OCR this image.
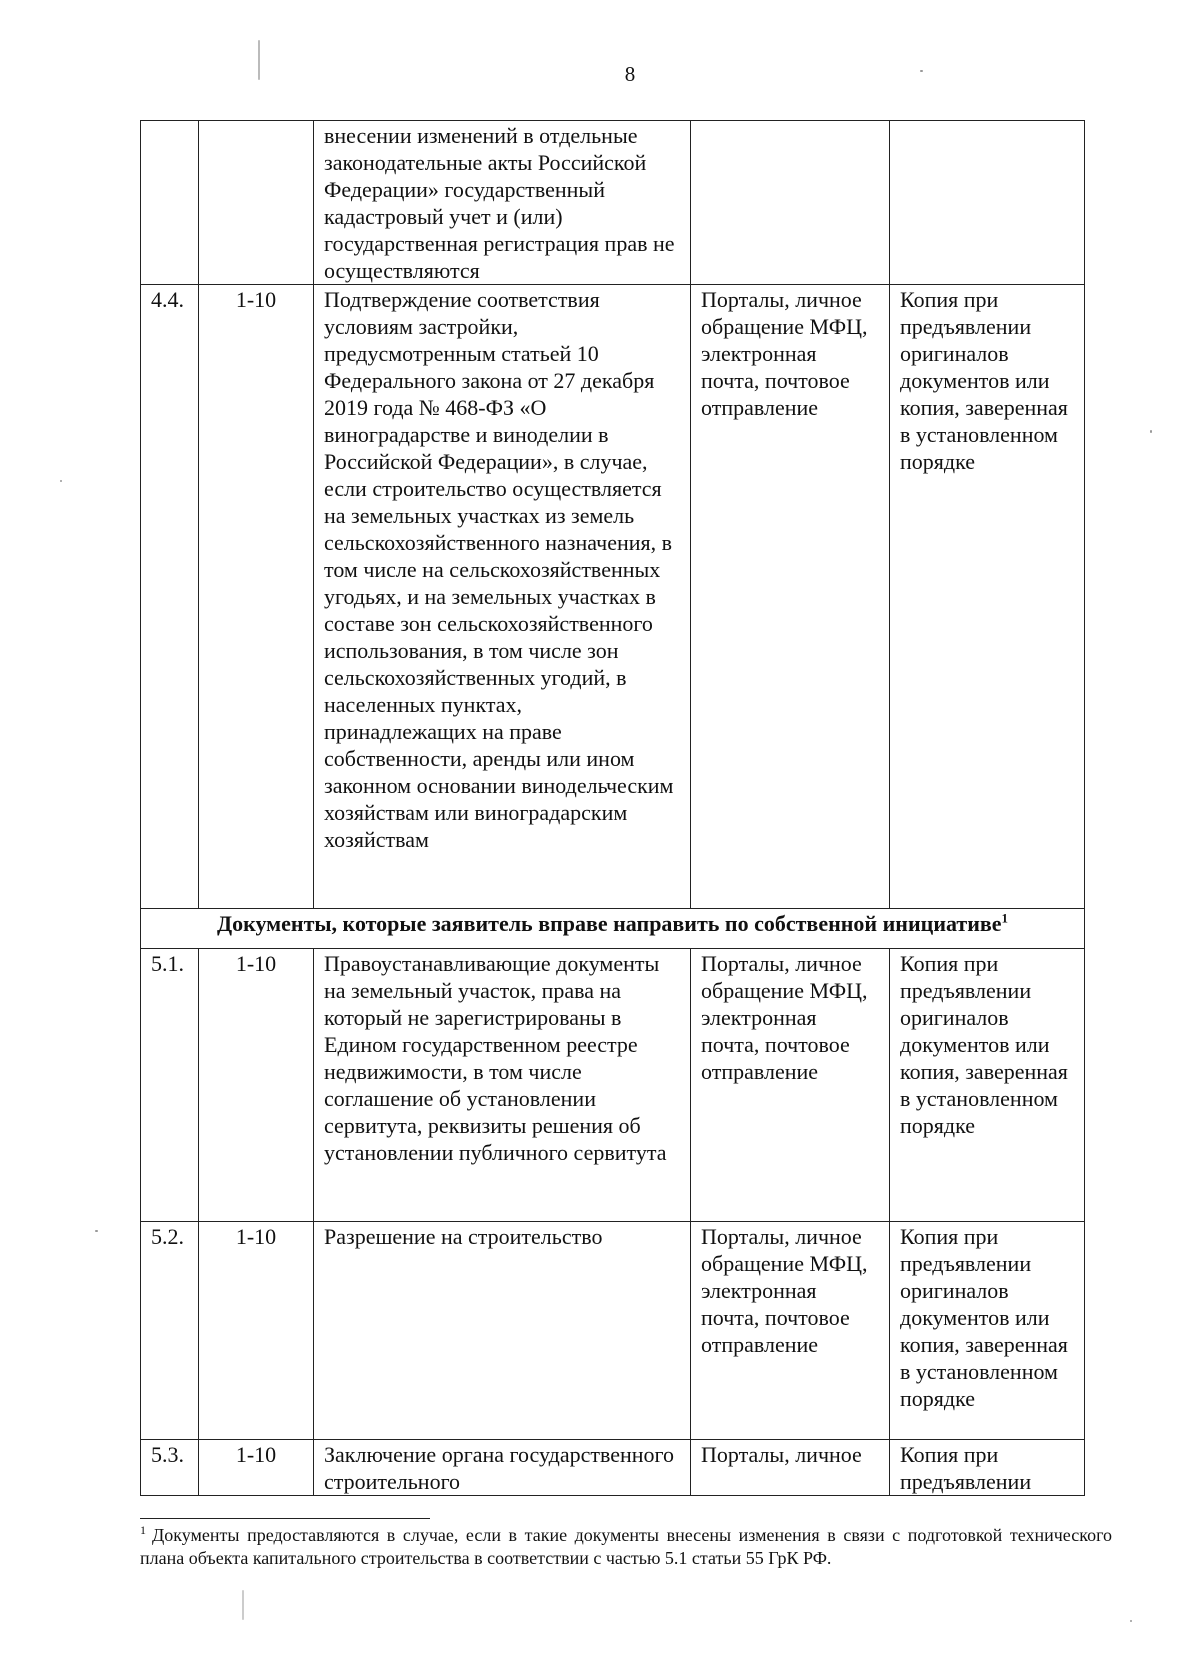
8
		внесении изменений в отдельные законодательные акты Российской Федерации» государственный кадастровый учет и (или) государственная регистрация прав не осуществляются		
4.4.	1-10	Подтверждение соответствия условиям застройки, предусмотренным статьей 10 Федерального закона от 27 декабря 2019 года № 468-ФЗ «О виноградарстве и виноделии в Российской Федерации», в случае, если строительство осуществляется на земельных участках из земель сельскохозяйственного назначения, в том числе на сельскохозяйственных угодьях, и на земельных участках в составе зон сельскохозяйственного использования, в том числе зон сельскохозяйственных угодий, в населенных пунктах, принадлежащих на праве собственности, аренды или ином законном основании винодельческим хозяйствам или виноградарским хозяйствам	Порталы, личное обращение МФЦ, электронная почта, почтовое отправление	Копия при предъявлении оригиналов документов или копия, заверенная в установленном порядке
Документы, которые заявитель вправе направить по собственной инициативе$^1$
5.1.	1-10	Правоустанавливающие документы на земельный участок, права на который не зарегистрированы в Едином государственном реестре недвижимости, в том числе соглашение об установлении сервитута, реквизиты решения об установлении публичного сервитута	Порталы, личное обращение МФЦ, электронная почта, почтовое отправление	Копия при предъявлении оригиналов документов или копия, заверенная в установленном порядке
5.2.	1-10	Разрешение на строительство	Порталы, личное обращение МФЦ, электронная почта, почтовое отправление	Копия при предъявлении оригиналов документов или копия, заверенная в установленном порядке
5.3.	1-10	Заключение органа государственного строительного	Порталы, личное	Копия при предъявлении
$^1$ Документы предоставляются в случае, если в такие документы внесены изменения в связи с подготовкой технического плана объекта капитального строительства в соответствии с частью 5.1 статьи 55 ГрК РФ.
